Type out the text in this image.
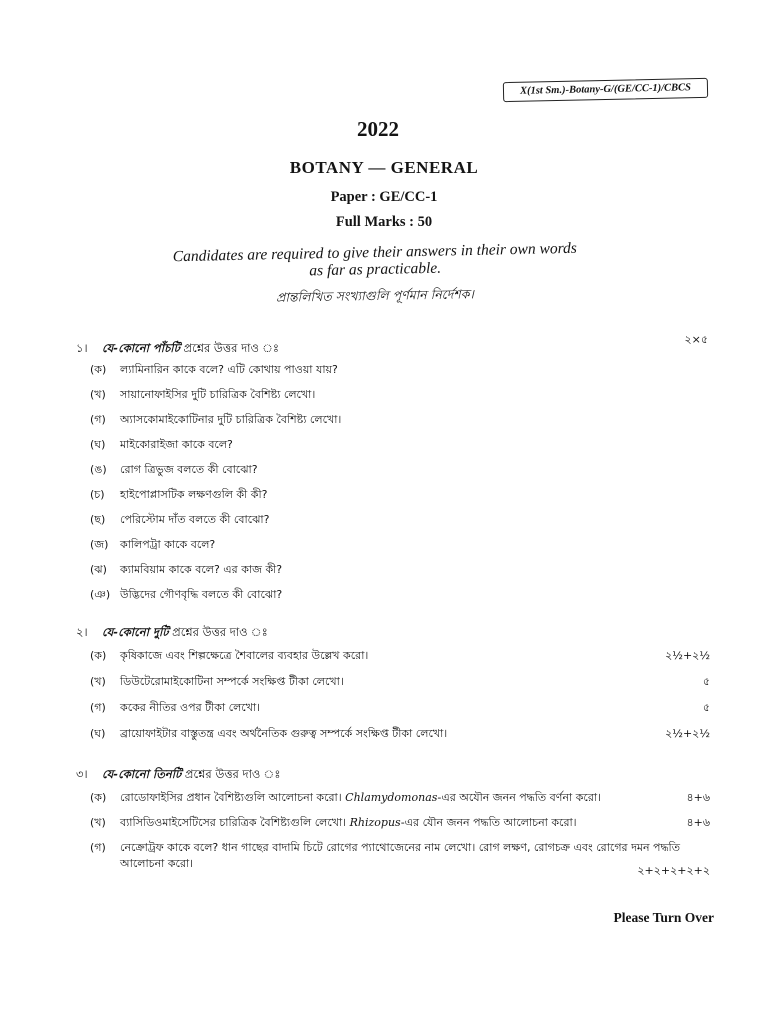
X(1st Sm.)-Botany-G/(GE/CC-1)/CBCS
2022
BOTANY — GENERAL
Paper : GE/CC-1
Full Marks : 50
Candidates are required to give their answers in their own words
as far as practicable.
প্রান্তলিখিত সংখ্যাগুলি পূর্ণমান নির্দেশক।
১। যে-কোনো পাঁচটি প্রশ্নের উত্তর দাও ঃ
২×৫
(ক) ল্যামিনারিন কাকে বলে? এটি কোথায় পাওয়া যায়?
(খ) সায়ানোফাইসির দুটি চারিত্রিক বৈশিষ্ট্য লেখো।
(গ) অ্যাসকোমাইকোটিনার দুটি চারিত্রিক বৈশিষ্ট্য লেখো।
(ঘ) মাইকোরাইজা কাকে বলে?
(ঙ) রোগ ত্রিভুজ বলতে কী বোঝো?
(চ) হাইপোপ্লাসটিক লক্ষণগুলি কী কী?
(ছ) পেরিস্টোম দাঁত বলতে কী বোঝো?
(জ) কালিপট্রা কাকে বলে?
(ঝ) ক্যামবিয়াম কাকে বলে? এর কাজ কী?
(ঞ) উদ্ভিদের গৌণবৃদ্ধি বলতে কী বোঝো?
২। যে-কোনো দুটি প্রশ্নের উত্তর দাও ঃ
(ক) কৃষিকাজে এবং শিল্পক্ষেত্রে শৈবালের ব্যবহার উল্লেখ করো।	২½+২½
(খ) ডিউটেরোমাইকোটিনা সম্পর্কে সংক্ষিপ্ত টীকা লেখো।	৫
(গ) ককের নীতির ওপর টীকা লেখো।	৫
(ঘ) ব্রায়োফাইটার বাস্তুতন্ত্র এবং অর্থনৈতিক গুরুত্ব সম্পর্কে সংক্ষিপ্ত টীকা লেখো।	২½+২½
৩। যে-কোনো তিনটি প্রশ্নের উত্তর দাও ঃ
(ক) রোডোফাইসির প্রধান বৈশিষ্ট্যগুলি আলোচনা করো। Chlamydomonas-এর অযৌন জনন পদ্ধতি বর্ণনা করো।	৪+৬
(খ) ব্যাসিডিওমাইসেটিসের চারিত্রিক বৈশিষ্ট্যগুলি লেখো। Rhizopus-এর যৌন জনন পদ্ধতি আলোচনা করো।	৪+৬
(গ) নেক্রোট্রফ কাকে বলে? ধান গাছের বাদামি চিটে রোগের প্যাথোজেনের নাম লেখো। রোগ লক্ষণ, রোগচক্র এবং রোগের দমন পদ্ধতি আলোচনা করো।
২+২+২+২+২
Please Turn Over
